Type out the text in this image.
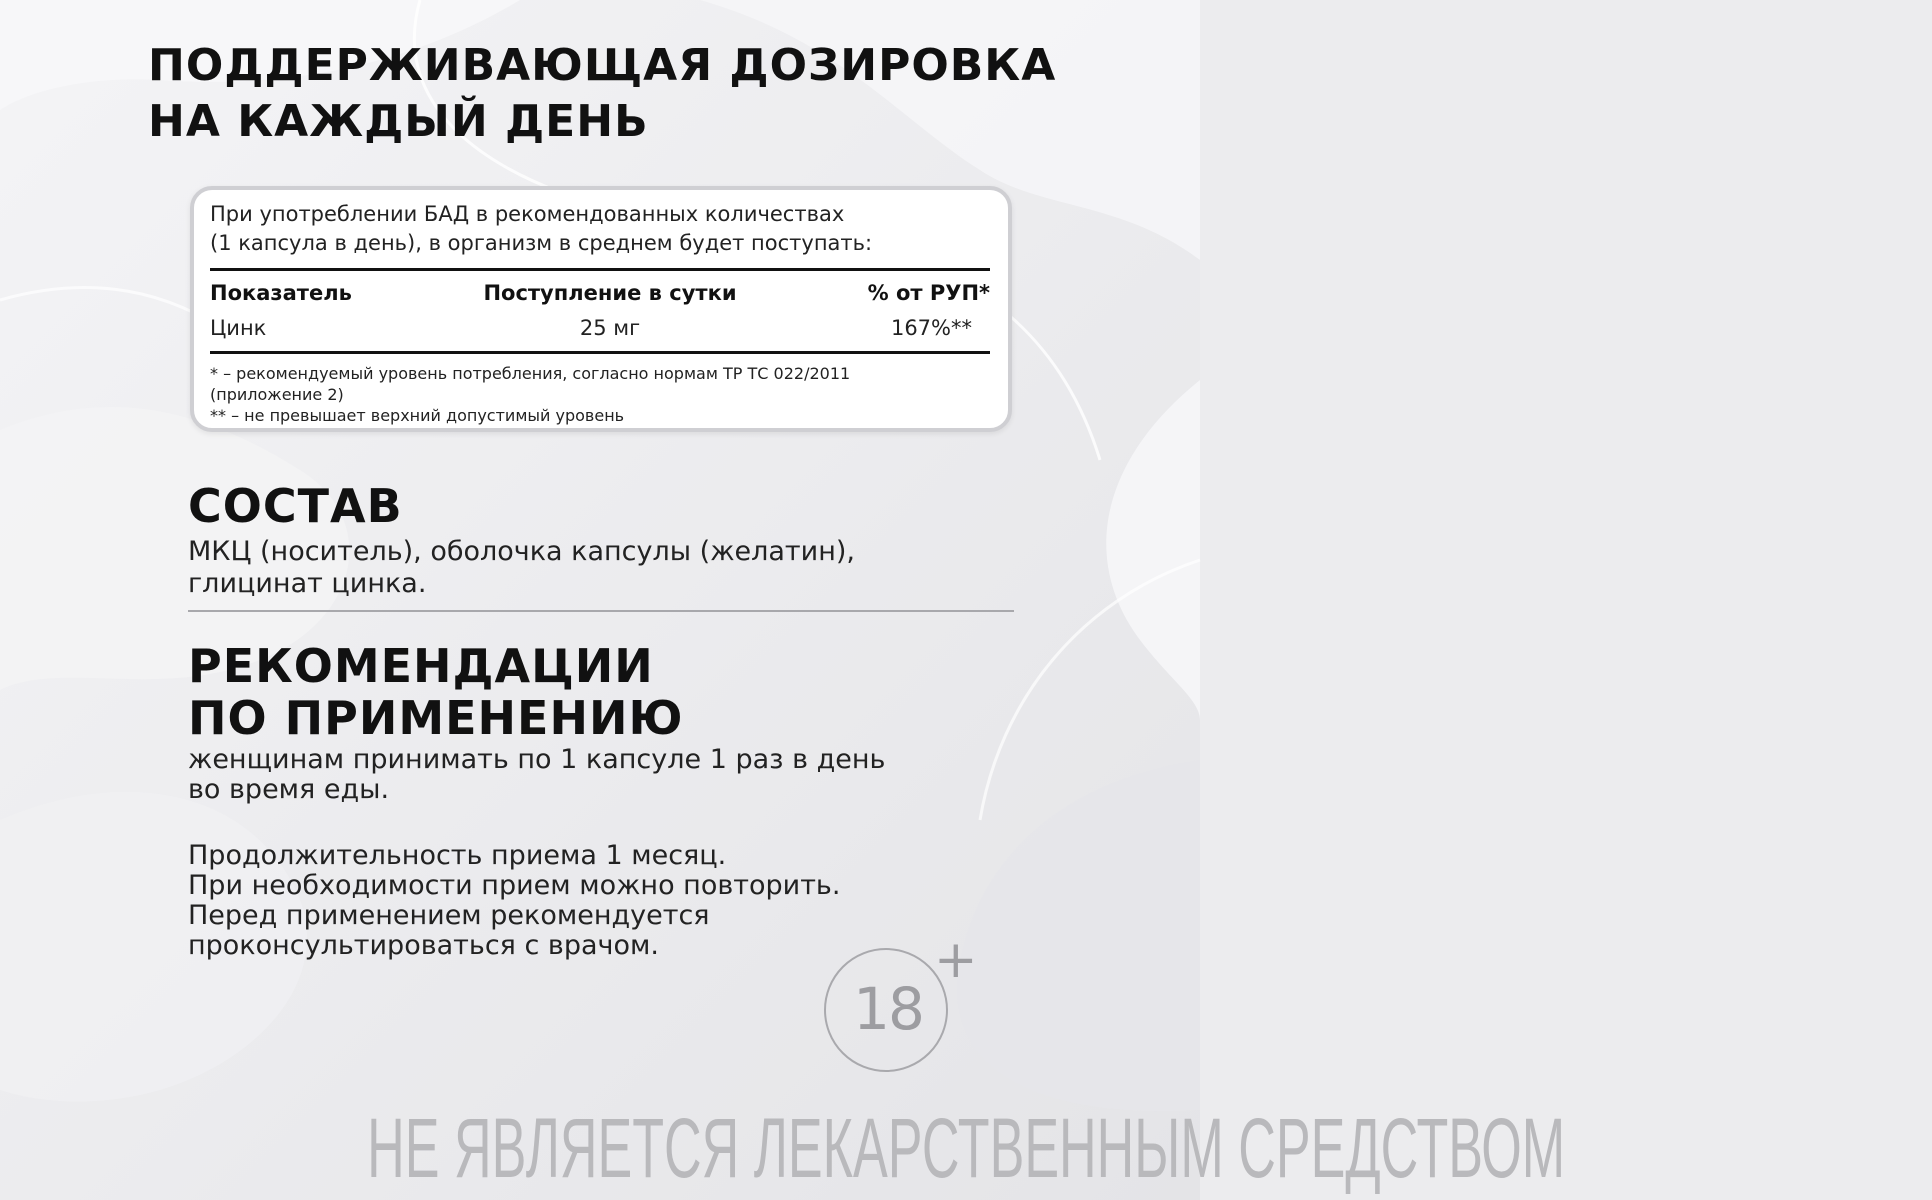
ПОДДЕРЖИВАЮЩАЯ ДОЗИРОВКА
НА КАЖДЫЙ ДЕНЬ
При употреблении БАД в рекомендованных количествах
(1 капсула в день), в организм в среднем будет поступать:
Показатель	Поступление в сутки	% от РУП*
Цинк	25 мг	167%**
* – рекомендуемый уровень потребления, согласно нормам ТР ТС 022/2011
(приложение 2)
** – не превышает верхний допустимый уровень
СОСТАВ
МКЦ (носитель), оболочка капсулы (желатин),
глицинат цинка.
РЕКОМЕНДАЦИИ
ПО ПРИМЕНЕНИЮ
женщинам принимать по 1 капсуле 1 раз в день
во время еды.
Продолжительность приема 1 месяц.
При необходимости прием можно повторить.
Перед применением рекомендуется
проконсультироваться с врачом.
18
+
НЕ ЯВЛЯЕТСЯ ЛЕКАРСТВЕННЫМ СРЕДСТВОМ
